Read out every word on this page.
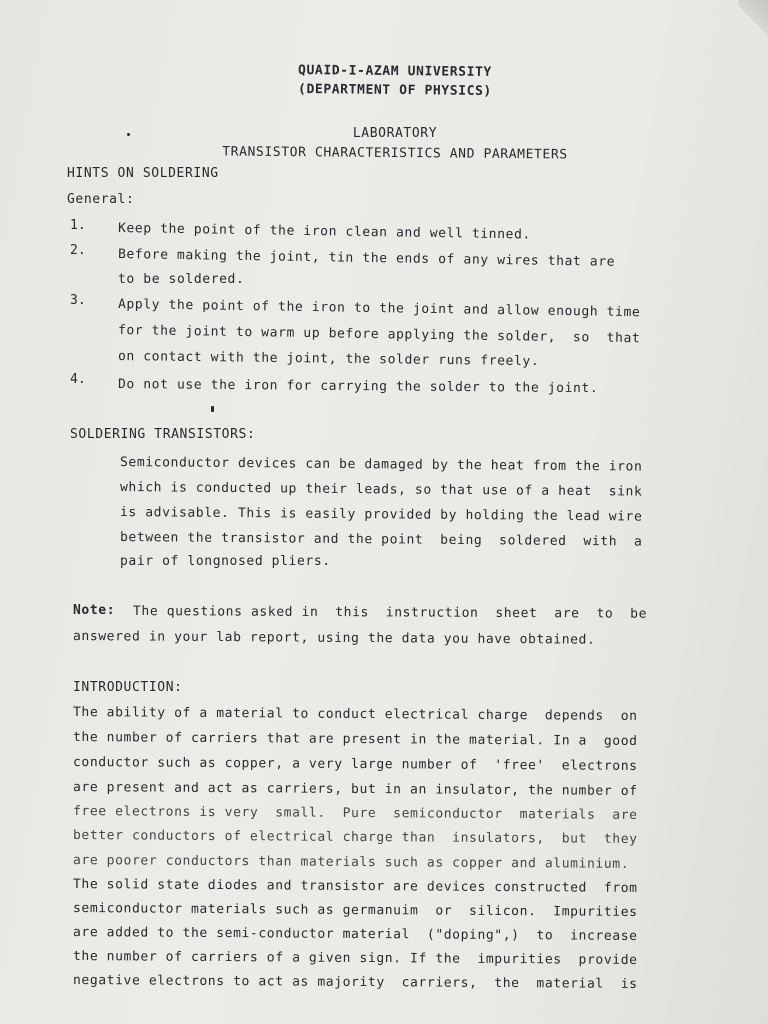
QUAID-I-AZAM UNIVERSITY
(DEPARTMENT OF PHYSICS)
LABORATORY
TRANSISTOR CHARACTERISTICS AND PARAMETERS
HINTS ON SOLDERING
General:
1. Keep the point of the iron clean and well tinned.
2. Before making the joint, tin the ends of any wires that are
to be soldered.
3. Apply the point of the iron to the joint and allow enough time
for the joint to warm up before applying the solder,  so  that
on contact with the joint, the solder runs freely.
4. Do not use the iron for carrying the solder to the joint.
SOLDERING TRANSISTORS:
Semiconductor devices can be damaged by the heat from the iron
which is conducted up their leads, so that use of a heat  sink
is advisable. This is easily provided by holding the lead wire
between the transistor and the point  being  soldered  with  a
pair of longnosed pliers.
Note: The questions asked in  this  instruction  sheet  are  to  be
answered in your lab report, using the data you have obtained.
INTRODUCTION:
The ability of a material to conduct electrical charge  depends  on
the number of carriers that are present in the material. In a  good
conductor such as copper, a very large number of  'free'  electrons
are present and act as carriers, but in an insulator, the number of
free electrons is very  small.  Pure  semiconductor  materials  are
better conductors of electrical charge than  insulators,  but  they
are poorer conductors than materials such as copper and aluminium.
The solid state diodes and transistor are devices constructed  from
semiconductor materials such as germanuim  or  silicon.  Impurities
are added to the semi-conductor material  ("doping",)  to  increase
the number of carriers of a given sign. If the  impurities  provide
negative electrons to act as majority  carriers,  the  material  is
